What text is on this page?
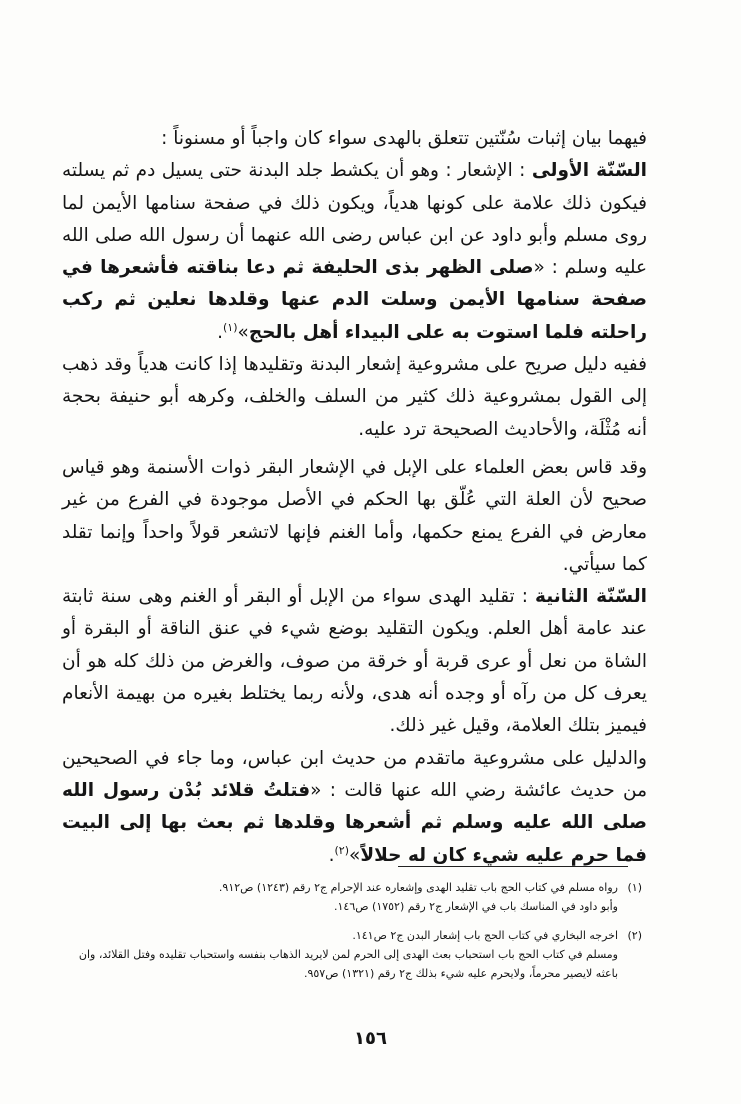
فيهما بيان إثبات سُنّتين تتعلق بالهدى سواء كان واجباً أو مسنوناً :

السّنّة الأولى : الإشعار : وهو أن يكشط جلد البدنة حتى يسيل دم ثم يسلته فيكون ذلك علامة على كونها هدياً، ويكون ذلك في صفحة سنامها الأيمن لما روى مسلم وأبو داود عن ابن عباس رضى الله عنهما أن رسول الله صلى الله عليه وسلم : «صلى الظهر بذى الحليفة ثم دعا بناقته فأشعرها في صفحة سنامها الأيمن وسلت الدم عنها وقلدها نعلين ثم ركب راحلته فلما استوت به على البيداء أهل بالحج»$^{(١)}$.

ففيه دليل صريح على مشروعية إشعار البدنة وتقليدها إذا كانت هدياً وقد ذهب إلى القول بمشروعية ذلك كثير من السلف والخلف، وكرهه أبو حنيفة بحجة أنه مُثْلَة، والأحاديث الصحيحة ترد عليه.

وقد قاس بعض العلماء على الإبل في الإشعار البقر ذوات الأسنمة وهو قياس صحيح لأن العلة التي عُلّق بها الحكم في الأصل موجودة في الفرع من غير معارض في الفرع يمنع حكمها، وأما الغنم فإنها لاتشعر قولاً واحداً وإنما تقلد كما سيأتي.

السّنّة الثانية : تقليد الهدى سواء من الإبل أو البقر أو الغنم وهى سنة ثابتة عند عامة أهل العلم. ويكون التقليد بوضع شيء في عنق الناقة أو البقرة أو الشاة من نعل أو عرى قربة أو خرقة من صوف، والغرض من ذلك كله هو أن يعرف كل من رآه أو وجده أنه هدى، ولأنه ربما يختلط بغيره من بهيمة الأنعام فيميز بتلك العلامة، وقيل غير ذلك.

والدليل على مشروعية ماتقدم من حديث ابن عباس، وما جاء في الصحيحين من حديث عائشة رضي الله عنها قالت : «فتلتُ قلائد بُدْن رسول الله صلى الله عليه وسلم ثم أشعرها وقلدها ثم بعث بها إلى البيت فما حرم عليه شيء كان له حلالاً»$^{(٢)}$.

(١)رواه مسلم في كتاب الحج باب تقليد الهدى وإشعاره عند الإحرام ج٢ رقم (١٢٤٣) ص٩١٢.
وأبو داود في المناسك باب في الإشعار ج٢ رقم (١٧٥٢) ص١٤٦.
(٢)اخرجه البخاري في كتاب الحج باب إشعار البدن ج٢ ص١٤١.
ومسلم في كتاب الحج باب استحباب بعث الهدى إلى الحرم لمن لايريد الذهاب بنفسه واستحباب تقليده وفتل القلائد، وان باعثه لايصير محرماً، ولايحرم عليه شيء بذلك ج٢ رقم (١٣٢١) ص٩٥٧.
١٥٦
